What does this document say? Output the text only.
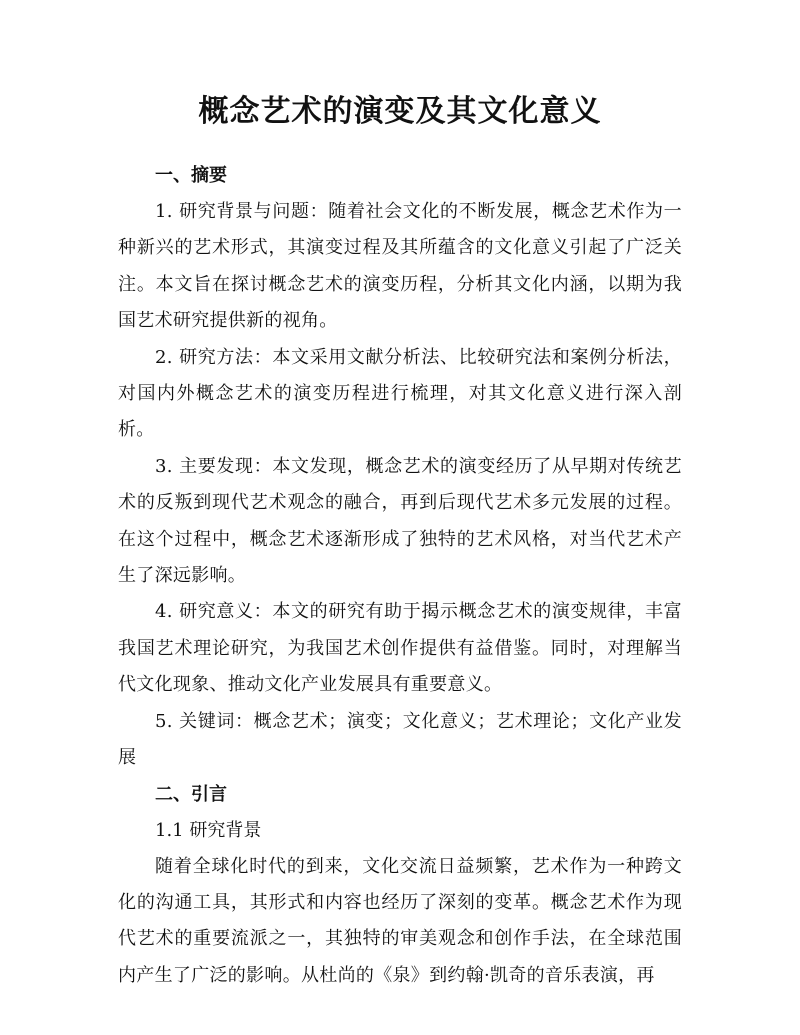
概念艺术的演变及其文化意义
一、摘要

1. 研究背景与问题：随着社会文化的不断发展，概念艺术作为一种新兴的艺术形式，其演变过程及其所蕴含的文化意义引起了广泛关注。本文旨在探讨概念艺术的演变历程，分析其文化内涵，以期为我国艺术研究提供新的视角。

2. 研究方法：本文采用文献分析法、比较研究法和案例分析法，对国内外概念艺术的演变历程进行梳理，对其文化意义进行深入剖析。

3. 主要发现：本文发现，概念艺术的演变经历了从早期对传统艺术的反叛到现代艺术观念的融合，再到后现代艺术多元发展的过程。在这个过程中，概念艺术逐渐形成了独特的艺术风格，对当代艺术产生了深远影响。

4. 研究意义：本文的研究有助于揭示概念艺术的演变规律，丰富我国艺术理论研究，为我国艺术创作提供有益借鉴。同时，对理解当代文化现象、推动文化产业发展具有重要意义。

5. 关键词：概念艺术；演变；文化意义；艺术理论；文化产业发展

二、引言

1.1 研究背景

随着全球化时代的到来，文化交流日益频繁，艺术作为一种跨文化的沟通工具，其形式和内容也经历了深刻的变革。概念艺术作为现代艺术的重要流派之一，其独特的审美观念和创作手法，在全球范围内产生了广泛的影响。从杜尚的《泉》到约翰·凯奇的音乐表演，再
